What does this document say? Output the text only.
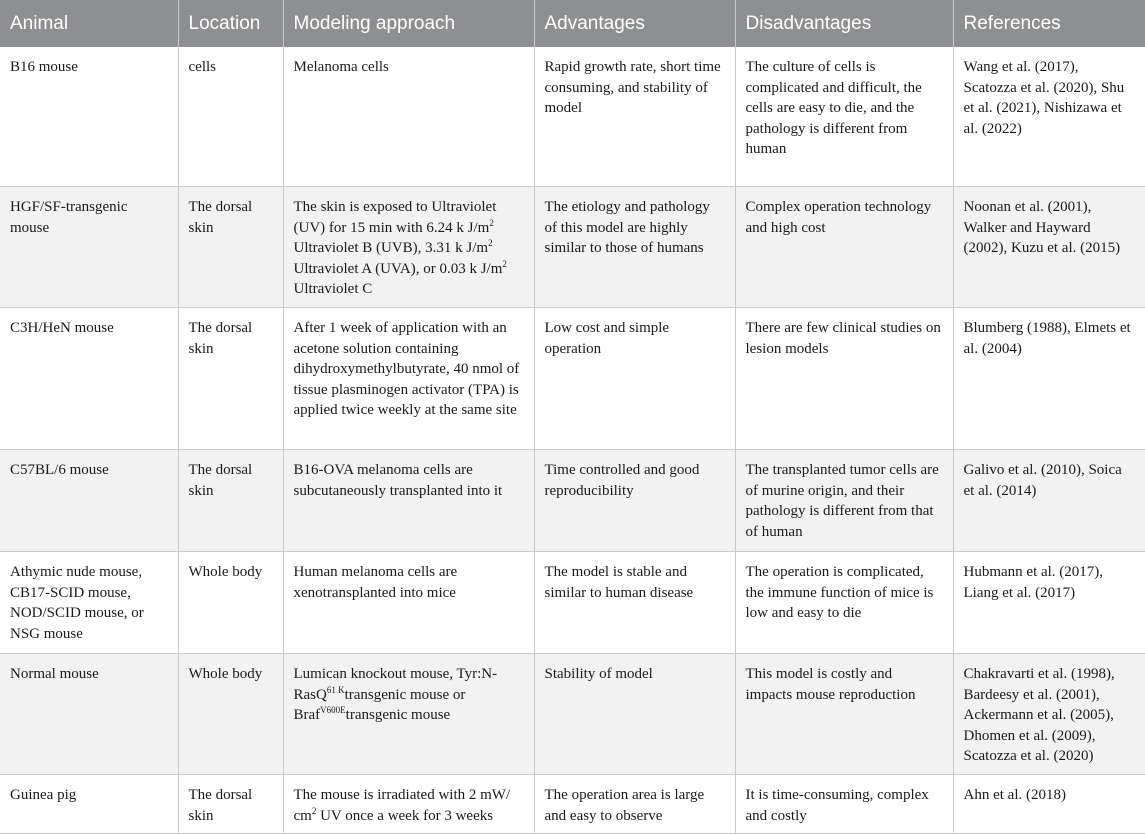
Animal	Location	Modeling approach	Advantages	Disadvantages	References
B16 mouse	cells	Melanoma cells	Rapid growth rate, short time consuming, and stability of model	The culture of cells is complicated and difficult, the cells are easy to die, and the pathology is different from human	Wang et al. (2017), Scatozza et al. (2020), Shu et al. (2021), Nishizawa et al. (2022)
HGF/SF-transgenic mouse	The dorsal skin	The skin is exposed to Ultraviolet (UV) for 15 min with 6.24 k $J/m^2$ Ultraviolet B (UVB), 3.31 k $J/m^2$ Ultraviolet A (UVA), or 0.03 k $J/m^2$ Ultraviolet C	The etiology and pathology of this model are highly similar to those of humans	Complex operation technology and high cost	Noonan et al. (2001), Walker and Hayward (2002), Kuzu et al. (2015)
C3H/HeN mouse	The dorsal skin	After 1 week of application with an acetone solution containing dihydroxymethylbutyrate, 40 nmol of tissue plasminogen activator (TPA) is applied twice weekly at the same site	Low cost and simple operation	There are few clinical studies on lesion models	Blumberg (1988), Elmets et al. (2004)
C57BL/6 mouse	The dorsal skin	B16-OVA melanoma cells are subcutaneously transplanted into it	Time controlled and good reproducibility	The transplanted tumor cells are of murine origin, and their pathology is different from that of human	Galivo et al. (2010), Soica et al. (2014)
Athymic nude mouse, CB17-SCID mouse, NOD/SCID mouse, or NSG mouse	Whole body	Human melanoma cells are xenotransplanted into mice	The model is stable and similar to human disease	The operation is complicated, the immune function of mice is low and easy to die	Hubmann et al. (2017), Liang et al. (2017)
Normal mouse	Whole body	Lumican knockout mouse, Tyr:N-RasQ$^{61 K}$transgenic mouse or Braf$^{V600E}$transgenic mouse	Stability of model	This model is costly and impacts mouse reproduction	Chakravarti et al. (1998), Bardeesy et al. (2001), Ackermann et al. (2005), Dhomen et al. (2009), Scatozza et al. (2020)
Guinea pig	The dorsal skin	The mouse is irradiated with 2 mW/ $cm^2$ UV once a week for 3 weeks	The operation area is large and easy to observe	It is time-consuming, complex and costly	Ahn et al. (2018)
